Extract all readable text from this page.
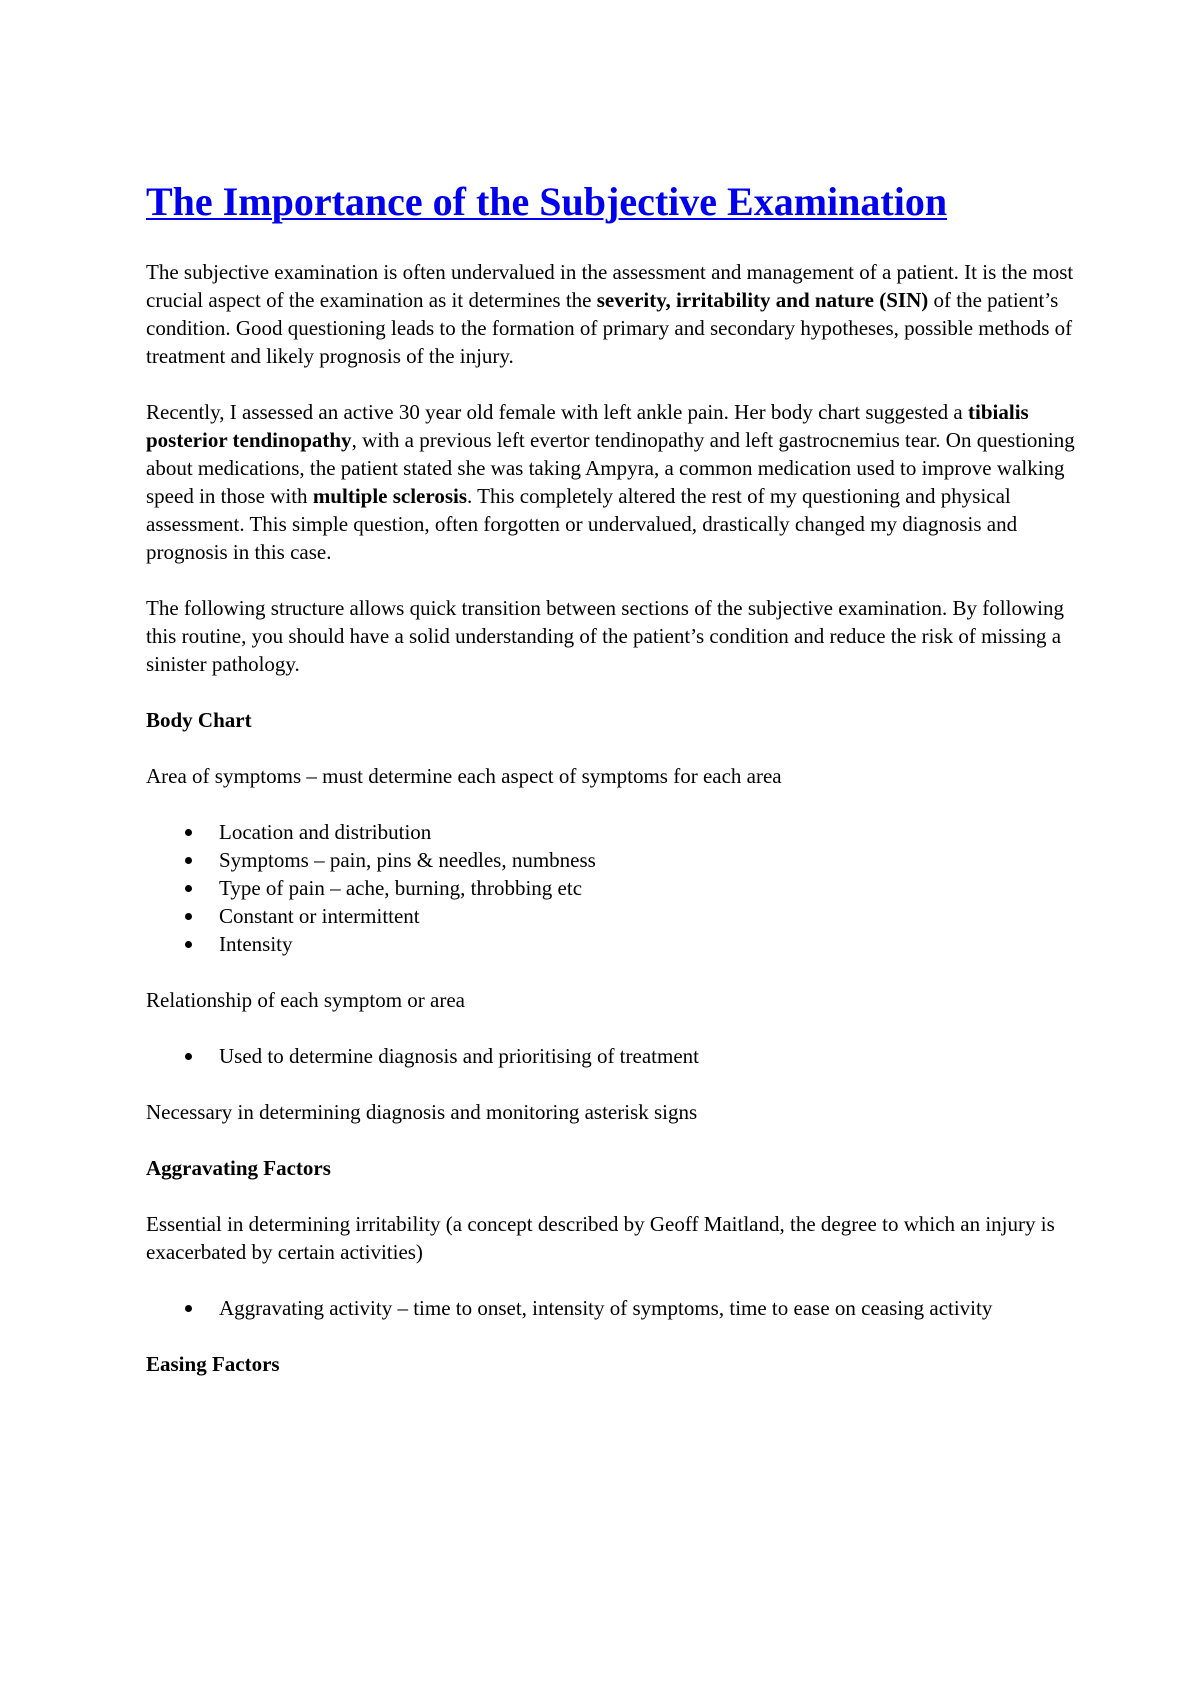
The Importance of the Subjective Examination

The subjective examination is often undervalued in the assessment and management of a patient. It is the most crucial aspect of the examination as it determines the severity, irritability and nature (SIN) of the patient’s condition. Good questioning leads to the formation of primary and secondary hypotheses, possible methods of treatment and likely prognosis of the injury.

Recently, I assessed an active 30 year old female with left ankle pain. Her body chart suggested a tibialis posterior tendinopathy, with a previous left evertor tendinopathy and left gastrocnemius tear. On questioning about medications, the patient stated she was taking Ampyra, a common medication used to improve walking speed in those with multiple sclerosis. This completely altered the rest of my questioning and physical assessment. This simple question, often forgotten or undervalued, drastically changed my diagnosis and prognosis in this case.

The following structure allows quick transition between sections of the subjective examination. By following this routine, you should have a solid understanding of the patient’s condition and reduce the risk of missing a sinister pathology.

Body Chart

Area of symptoms – must determine each aspect of symptoms for each area

Location and distribution
Symptoms – pain, pins & needles, numbness
Type of pain – ache, burning, throbbing etc
Constant or intermittent
Intensity

Relationship of each symptom or area

Used to determine diagnosis and prioritising of treatment

Necessary in determining diagnosis and monitoring asterisk signs

Aggravating Factors

Essential in determining irritability (a concept described by Geoff Maitland, the degree to which an injury is exacerbated by certain activities)

Aggravating activity – time to onset, intensity of symptoms, time to ease on ceasing activity

Easing Factors
